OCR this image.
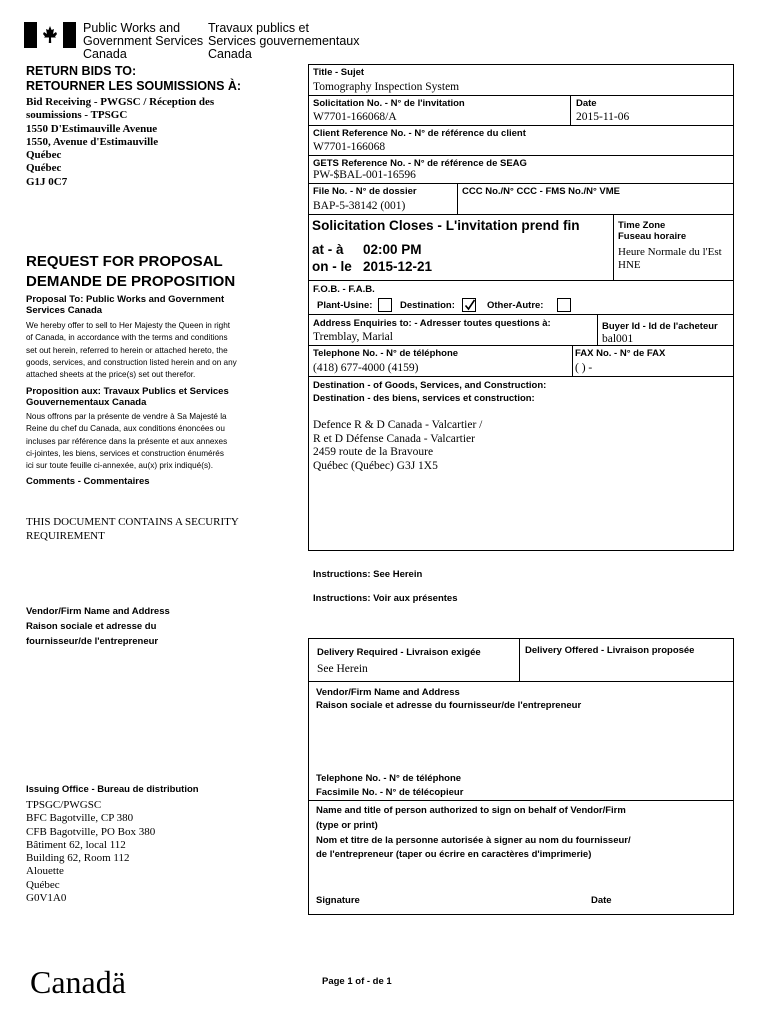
Public Works and
Government Services
Canada
Travaux publics et
Services gouvernementaux
Canada
RETURN BIDS TO:
RETOURNER LES SOUMISSIONS À:
Bid Receiving - PWGSC / Réception des
soumissions - TPSGC
1550 D'Estimauville Avenue
1550, Avenue d'Estimauville
Québec
Québec
G1J 0C7
REQUEST FOR PROPOSAL
DEMANDE DE PROPOSITION
Proposal To: Public Works and Government
Services Canada
We hereby offer to sell to Her Majesty the Queen in right
of Canada, in accordance with the terms and conditions
set out herein, referred to herein or attached hereto, the
goods, services, and construction listed herein and on any
attached sheets at the price(s) set out therefor.
Proposition aux: Travaux Publics et Services
Gouvernementaux Canada
Nous offrons par la présente de vendre à Sa Majesté la
Reine du chef du Canada, aux conditions énoncées ou
incluses par référence dans la présente et aux annexes
ci-jointes, les biens, services et construction énumérés
ici sur toute feuille ci-annexée, au(x) prix indiqué(s).
Comments - Commentaires
THIS DOCUMENT CONTAINS A SECURITY
REQUIREMENT
Vendor/Firm Name and Address
Raison sociale et adresse du
fournisseur/de l'entrepreneur
Issuing Office - Bureau de distribution
TPSGC/PWGSC
BFC Bagotville, CP 380
CFB Bagotville, PO Box 380
Bâtiment 62, local 112
Building 62, Room 112
Alouette
Québec
G0V1A0
Canadä
Title - Sujet
Tomography Inspection System
Solicitation No. - N° de l'invitation
W7701-166068/A
Date
2015-11-06
Client Reference No. - N° de référence du client
W7701-166068
GETS Reference No. - N° de référence de SEAG
PW-$BAL-001-16596
File No. - N° de dossier
BAP-5-38142 (001)
CCC No./N° CCC - FMS No./N° VME
Solicitation Closes - L'invitation prend fin
at - à 02:00 PM
on - le 2015-12-21
Time Zone
Fuseau horaire
Heure Normale du l'Est
HNE
F.O.B. - F.A.B.
Plant-Usine:	Destination:	Other-Autre:
Address Enquiries to: - Adresser toutes questions à:
Tremblay, Marial
Buyer Id - Id de l'acheteur
bal001
Telephone No. - N° de téléphone
(418) 677-4000 (4159)
FAX No. - N° de FAX
( ) -
Destination - of Goods, Services, and Construction:
Destination - des biens, services et construction:
Defence R & D Canada - Valcartier /
R et D Défense Canada - Valcartier
2459 route de la Bravoure
Québec (Québec) G3J 1X5
Instructions: See Herein
Instructions: Voir aux présentes
Delivery Required - Livraison exigée
See Herein
Delivery Offered - Livraison proposée
Vendor/Firm Name and Address
Raison sociale et adresse du fournisseur/de l'entrepreneur
Telephone No. - N° de téléphone
Facsimile No. - N° de télécopieur
Name and title of person authorized to sign on behalf of Vendor/Firm
(type or print)
Nom et titre de la personne autorisée à signer au nom du fournisseur/
de l'entrepreneur (taper ou écrire en caractères d'imprimerie)
Signature	Date
Page 1 of - de 1
